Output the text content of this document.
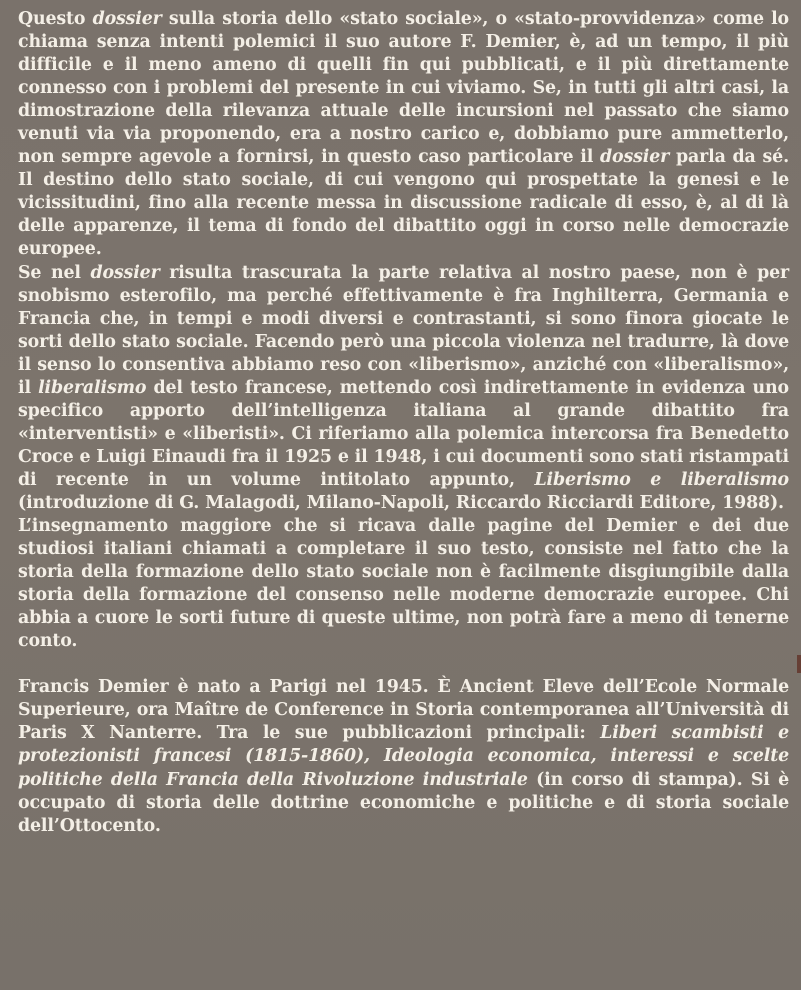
Questo dossier sulla storia dello «stato sociale», o «stato-provvidenza» come lo chiama senza intenti polemici il suo autore F. Demier, è, ad un tempo, il più difficile e il meno ameno di quelli fin qui pubblicati, e il più direttamente connesso con i problemi del presente in cui viviamo. Se, in tutti gli altri casi, la dimostrazione della rilevanza attuale delle incursioni nel passato che siamo venuti via via proponendo, era a nostro carico e, dobbiamo pure ammetterlo, non sempre agevole a fornirsi, in questo caso particolare il dossier parla da sé. Il destino dello stato sociale, di cui vengono qui prospettate la genesi e le vicissitudini, fino alla recente messa in discussione radicale di esso, è, al di là delle apparenze, il tema di fondo del dibattito oggi in corso nelle democrazie europee.

Se nel dossier risulta trascurata la parte relativa al nostro paese, non è per snobismo esterofilo, ma perché effettivamente è fra Inghilterra, Germania e Francia che, in tempi e modi diversi e contrastanti, si sono finora giocate le sorti dello stato sociale. Facendo però una piccola violenza nel tradurre, là dove il senso lo consentiva abbiamo reso con «liberismo», anziché con «liberalismo», il liberalismo del testo francese, mettendo così indirettamente in evidenza uno specifico apporto dell’intelligenza italiana al grande dibattito fra «interventisti» e «liberisti». Ci riferiamo alla polemica intercorsa fra Benedetto Croce e Luigi Einaudi fra il 1925 e il 1948, i cui documenti sono stati ristampati di recente in un volume intitolato appunto, Liberismo e liberalismo (introduzione di G. Malagodi, Milano-Napoli, Riccardo Ricciardi Editore, 1988).

L’insegnamento maggiore che si ricava dalle pagine del Demier e dei due studiosi italiani chiamati a completare il suo testo, consiste nel fatto che la storia della formazione dello stato sociale non è facilmente disgiungibile dalla storia della formazione del consenso nelle moderne democrazie europee. Chi abbia a cuore le sorti future di queste ultime, non potrà fare a meno di tenerne conto.

Francis Demier è nato a Parigi nel 1945. È Ancient Eleve dell’Ecole Normale Superieure, ora Maître de Conference in Storia contemporanea all’Università di Paris X Nanterre. Tra le sue pubblicazioni principali: Liberi scambisti e protezionisti francesi (1815-1860), Ideologia economica, interessi e scelte politiche della Francia della Rivoluzione industriale (in corso di stampa). Si è occupato di storia delle dottrine economiche e politiche e di storia sociale dell’Ottocento.
